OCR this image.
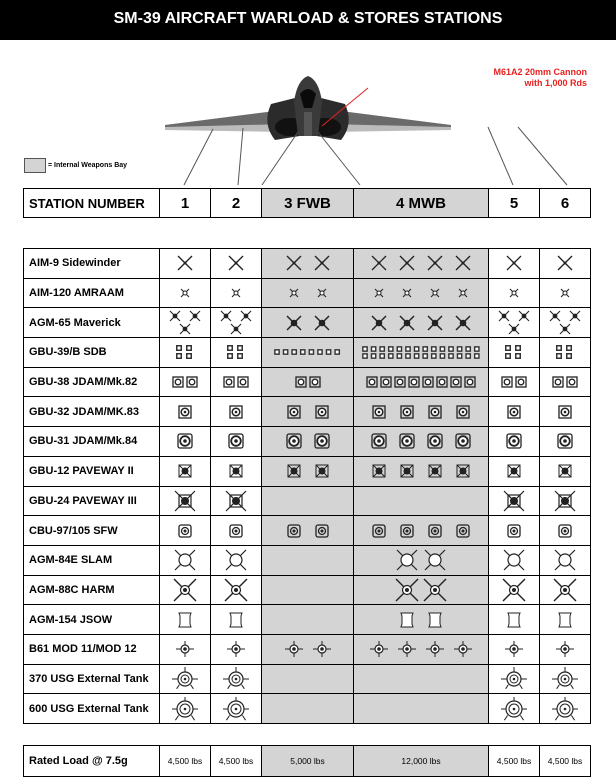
SM-39 AIRCRAFT WARLOAD & STORES STATIONS
M61A2 20mm Cannon
with 1,000 Rds
= Internal Weapons Bay
STATION NUMBER	1	2	3 FWB	4 MWB	5	6
AIM-9 Sidewinder						
AIM-120 AMRAAM						
AGM-65 Maverick						
GBU-39/B SDB						
GBU-38 JDAM/Mk.82						
GBU-32 JDAM/MK.83						
GBU-31 JDAM/Mk.84						
GBU-12 PAVEWAY II						
GBU-24 PAVEWAY III						
CBU-97/105 SFW						
AGM-84E SLAM						
AGM-88C HARM						
AGM-154 JSOW						
B61 MOD 11/MOD 12						
370 USG External Tank						
600 USG External Tank						
Rated Load @ 7.5g	4,500 lbs	4,500 lbs	5,000 lbs	12,000 lbs	4,500 lbs	4,500 lbs
